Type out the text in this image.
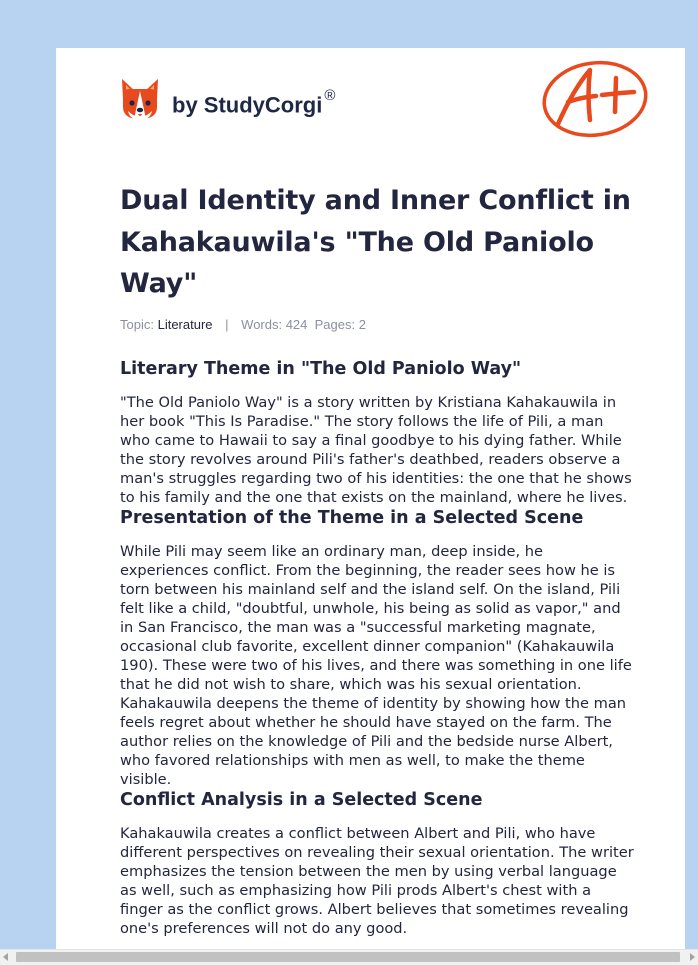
by StudyCorgi ®
Dual Identity and Inner Conflict in Kahakauwila's "The Old Paniolo Way"
Topic: Literature | Words: 424 Pages: 2
Literary Theme in "The Old Paniolo Way"

"The Old Paniolo Way" is a story written by Kristiana Kahakauwila in her book "This Is Paradise." The story follows the life of Pili, a man who came to Hawaii to say a final goodbye to his dying father. While the story revolves around Pili's father's deathbed, readers observe a man's struggles regarding two of his identities: the one that he shows to his family and the one that exists on the mainland, where he lives.

Presentation of the Theme in a Selected Scene

While Pili may seem like an ordinary man, deep inside, he experiences conflict. From the beginning, the reader sees how he is torn between his mainland self and the island self. On the island, Pili felt like a child, "doubtful, unwhole, his being as solid as vapor," and in San Francisco, the man was a "successful marketing magnate, occasional club favorite, excellent dinner companion" (Kahakauwila 190). These were two of his lives, and there was something in one life that he did not wish to share, which was his sexual orientation. Kahakauwila deepens the theme of identity by showing how the man feels regret about whether he should have stayed on the farm. The author relies on the knowledge of Pili and the bedside nurse Albert, who favored relationships with men as well, to make the theme visible.

Conflict Analysis in a Selected Scene

Kahakauwila creates a conflict between Albert and Pili, who have different perspectives on revealing their sexual orientation. The writer emphasizes the tension between the men by using verbal language as well, such as emphasizing how Pili prods Albert's chest with a finger as the conflict grows. Albert believes that sometimes revealing one's preferences will not do any good.
